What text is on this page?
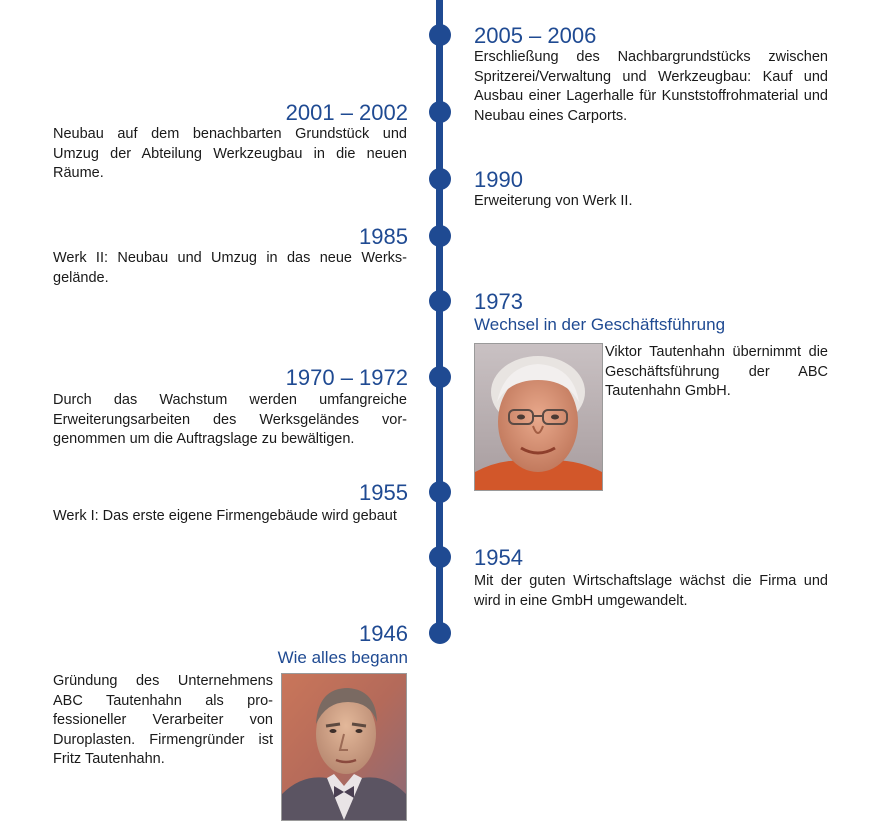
2005 – 2006
Erschließung des Nachbargrundstücks zwischen Spritzerei/Verwaltung und Werkzeugbau: Kauf und Ausbau einer Lagerhalle für Kunststoffrohmaterial und Neubau eines Carports.
2001 – 2002
Neubau auf dem benachbarten Grundstück und Umzug der Abteilung Werkzeugbau in die neuen Räume.	1990
Erweiterung von Werk II.
1985
Werk II: Neubau und Umzug in das neue Werksgelände.
1973
Wechsel in der Geschäftsführung
Viktor Tautenhahn übernimmt die Geschäftsführung der ABC Tautenhahn GmbH.
1970 – 1972
Durch das Wachstum werden umfangreiche Erweiterungsarbeiten des Werksgeländes vorgenommen um die Auftragslage zu bewältigen.
1955
Werk I: Das erste eigene Firmengebäude wird gebaut
1954
Mit der guten Wirtschaftslage wächst die Firma und wird in eine GmbH umgewandelt.
1946
Wie alles begann
Gründung des Unternehmens ABC Tautenhahn als professioneller Verarbeiter von Duroplasten. Firmengründer ist Fritz Tautenhahn.
